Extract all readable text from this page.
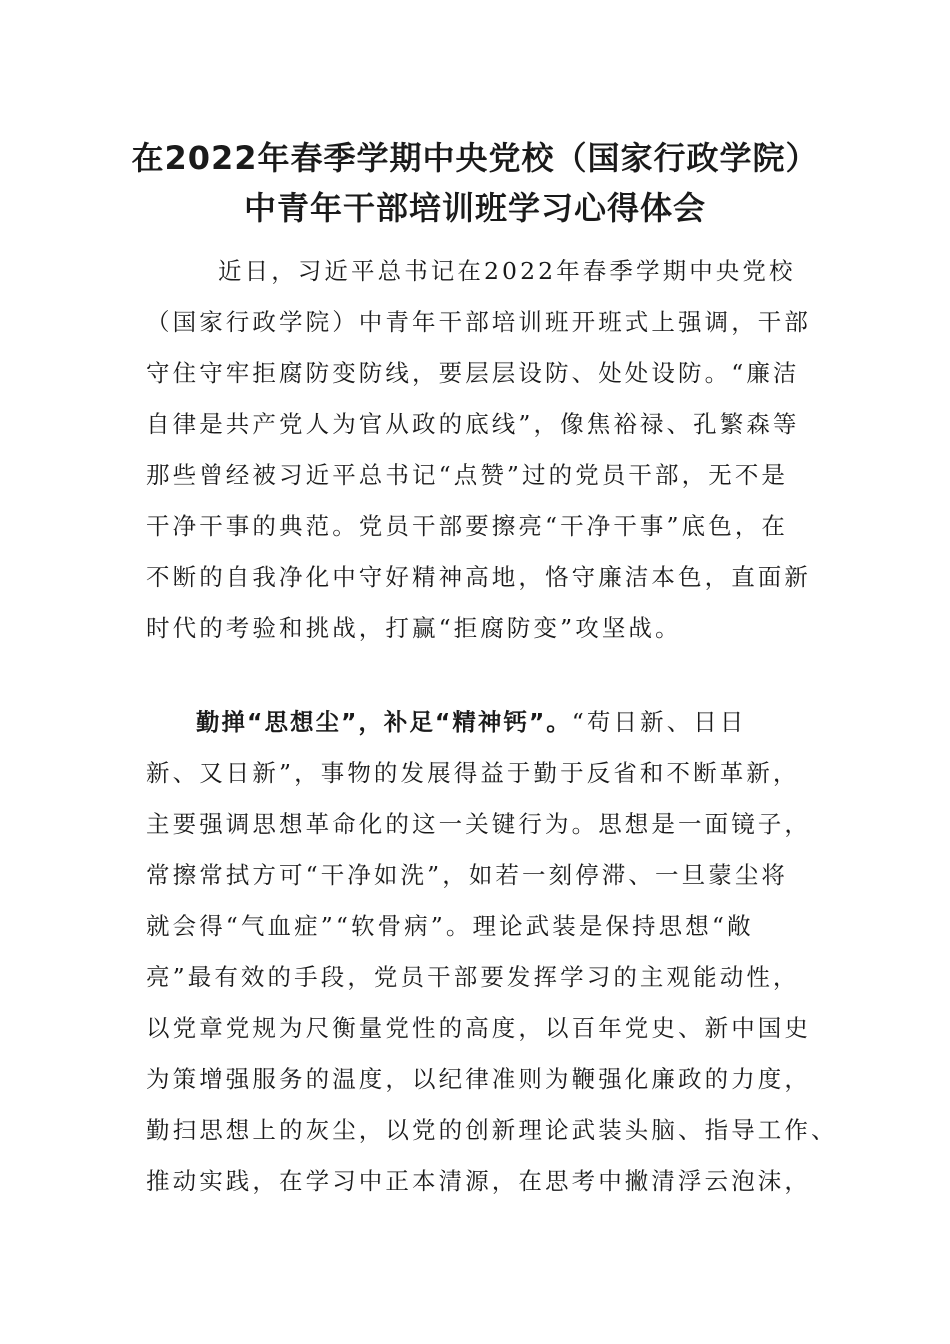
在2022年春季学期中央党校（国家行政学院）
中青年干部培训班学习心得体会
近日，习近平总书记在2022年春季学期中央党校
（国家行政学院）中青年干部培训班开班式上强调，干部
守住守牢拒腐防变防线，要层层设防、处处设防。“廉洁
自律是共产党人为官从政的底线”，像焦裕禄、孔繁森等
那些曾经被习近平总书记“点赞”过的党员干部，无不是
干净干事的典范。党员干部要擦亮“干净干事”底色，在
不断的自我净化中守好精神高地，恪守廉洁本色，直面新
时代的考验和挑战，打赢“拒腐防变”攻坚战。
勤掸“思想尘”，补足“精神钙”。“苟日新、日日
新、又日新”，事物的发展得益于勤于反省和不断革新，
主要强调思想革命化的这一关键行为。思想是一面镜子，
常擦常拭方可“干净如洗”，如若一刻停滞、一旦蒙尘将
就会得“气血症”“软骨病”。理论武装是保持思想“敞
亮”最有效的手段，党员干部要发挥学习的主观能动性，
以党章党规为尺衡量党性的高度，以百年党史、新中国史
为策增强服务的温度，以纪律准则为鞭强化廉政的力度，
勤扫思想上的灰尘，以党的创新理论武装头脑、指导工作、
推动实践，在学习中正本清源，在思考中撇清浮云泡沫，
